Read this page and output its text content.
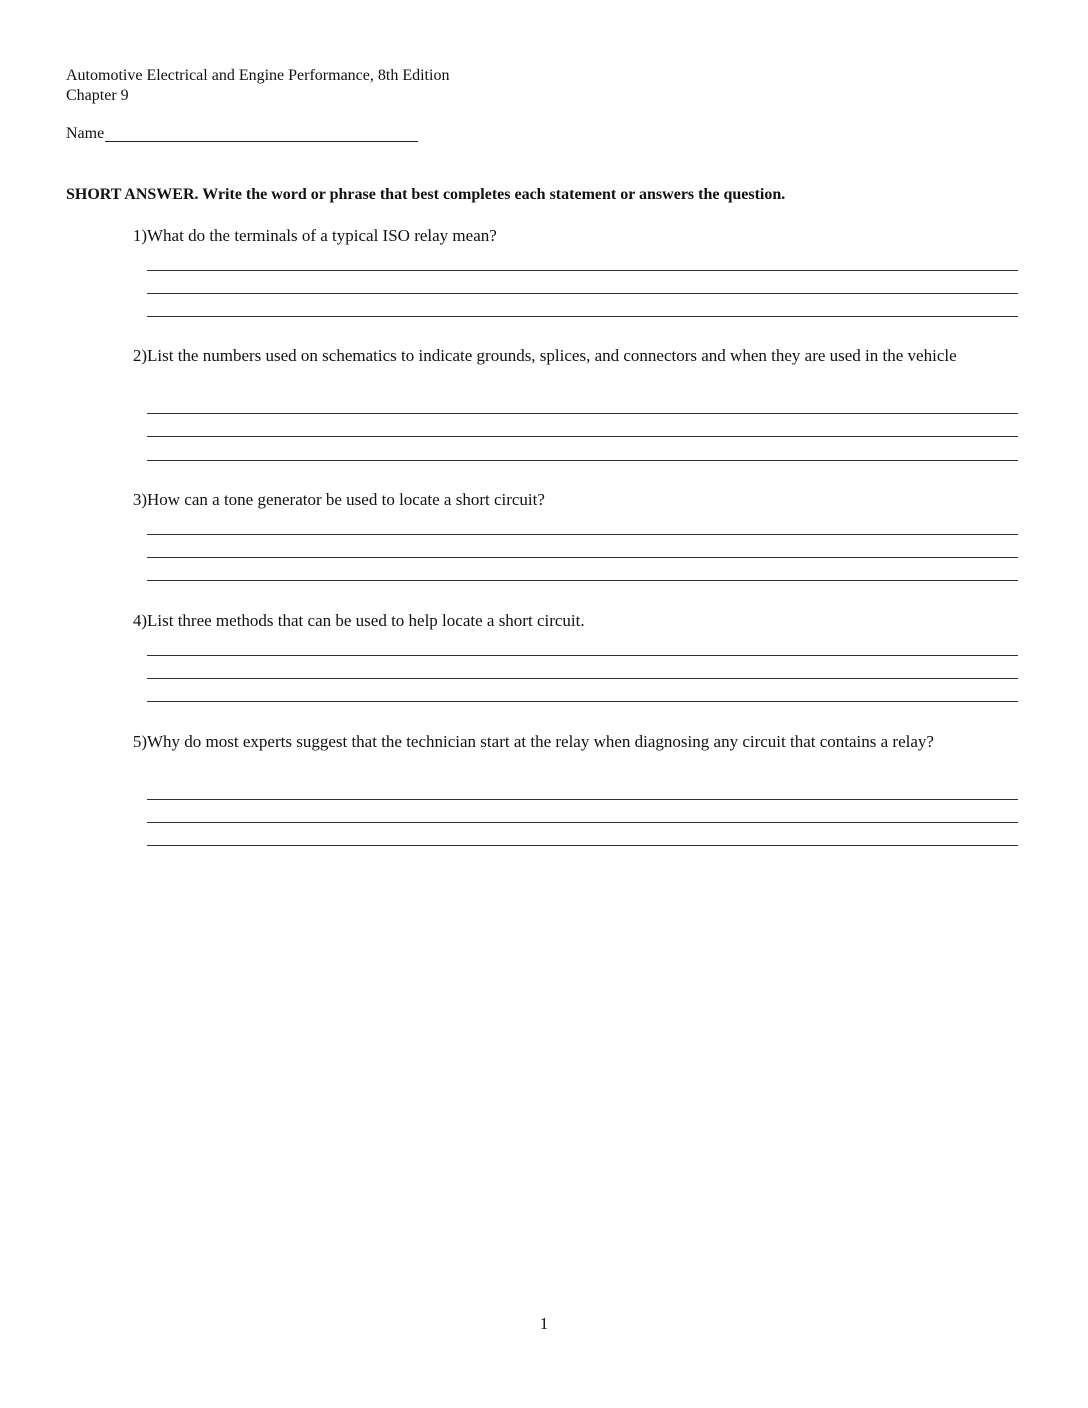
Automotive Electrical and Engine Performance, 8th Edition
Chapter 9
Name
SHORT ANSWER. Write the word or phrase that best completes each statement or answers the question.
1) What do the terminals of a typical ISO relay mean?
2) List the numbers used on schematics to indicate grounds, splices, and connectors and when they are used in the vehicle
3) How can a tone generator be used to locate a short circuit?
4) List three methods that can be used to help locate a short circuit.
5) Why do most experts suggest that the technician start at the relay when diagnosing any circuit that contains a relay?
1
